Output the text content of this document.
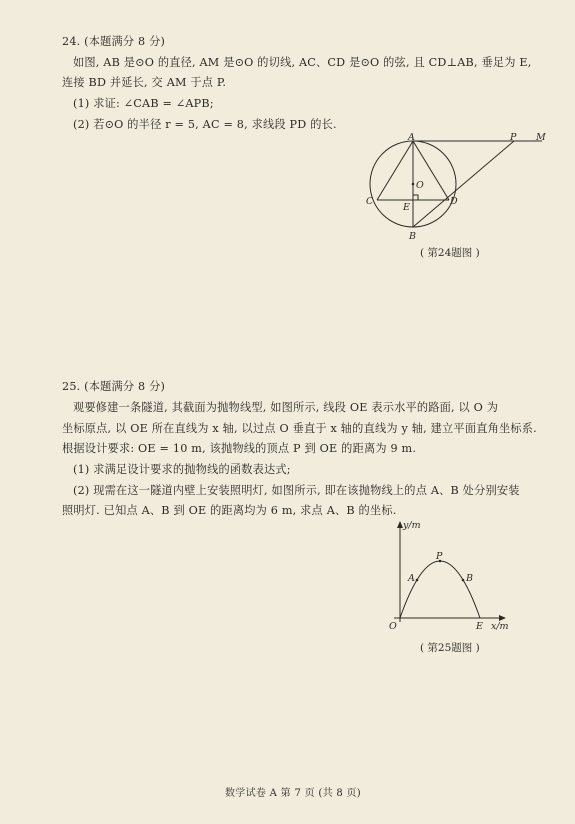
24. (本题满分 8 分)
如图, AB 是⊙O 的直径, AM 是⊙O 的切线, AC、CD 是⊙O 的弦, 且 CD⊥AB, 垂足为 E,
连接 BD 并延长, 交 AM 于点 P.
(1) 求证: ∠CAB = ∠APB;
(2) 若⊙O 的半径 r = 5, AC = 8, 求线段 PD 的长.
A	P M
O
C
E
D
B
( 第24题图 )
25. (本题满分 8 分)
观要修建一条隧道, 其截面为抛物线型, 如图所示, 线段 OE 表示水平的路面, 以 O 为
坐标原点, 以 OE 所在直线为 x 轴, 以过点 O 垂直于 x 轴的直线为 y 轴, 建立平面直角坐标系.
根据设计要求: OE = 10 m, 该抛物线的顶点 P 到 OE 的距离为 9 m.
(1) 求满足设计要求的抛物线的函数表达式;
(2) 现需在这一隧道内壁上安装照明灯, 如图所示, 即在该抛物线上的点 A、B 处分别安装
照明灯. 已知点 A、B 到 OE 的距离均为 6 m, 求点 A、B 的坐标.
y/m
x/m
O	E
P
A	B
( 第25题图 )
数学试卷 A 第 7 页 (共 8 页)
